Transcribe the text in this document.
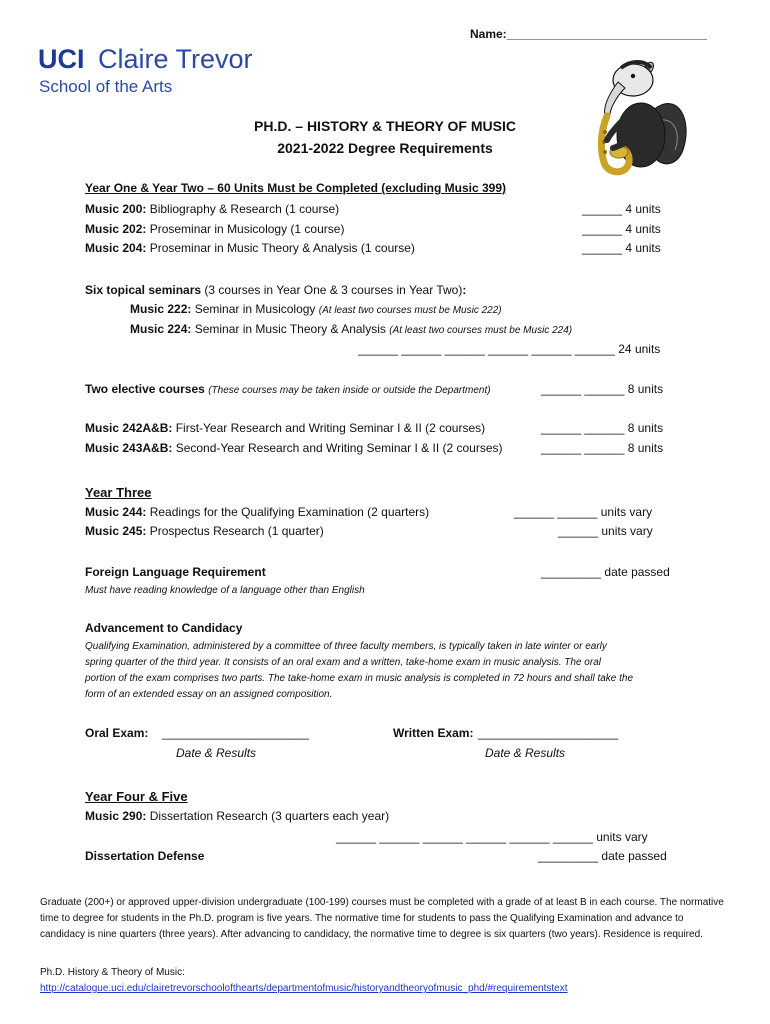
Name:______________________________
UCI Claire Trevor
School of the Arts
PH.D. – HISTORY & THEORY OF MUSIC
2021-2022 Degree Requirements
Year One & Year Two – 60 Units Must be Completed (excluding Music 399)
Music 200: Bibliography & Research (1 course)	______ 4 units
Music 202: Proseminar in Musicology (1 course)	______ 4 units
Music 204: Proseminar in Music Theory & Analysis (1 course)	______ 4 units
Six topical seminars (3 courses in Year One & 3 courses in Year Two):
Music 222: Seminar in Musicology (At least two courses must be Music 222)
Music 224: Seminar in Music Theory & Analysis (At least two courses must be Music 224)
______ ______ ______ ______ ______ ______ 24 units
Two elective courses (These courses may be taken inside or outside the Department)	______ ______ 8 units
Music 242A&B: First-Year Research and Writing Seminar I & II (2 courses)	______ ______ 8 units
Music 243A&B: Second-Year Research and Writing Seminar I & II (2 courses)	______ ______ 8 units
Year Three
Music 244: Readings for the Qualifying Examination (2 quarters)	______ ______ units vary
Music 245: Prospectus Research (1 quarter)	______ units vary
Foreign Language Requirement	_________ date passed
Must have reading knowledge of a language other than English
Advancement to Candidacy
Qualifying Examination, administered by a committee of three faculty members, is typically taken in late winter or early
spring quarter of the third year. It consists of an oral exam and a written, take-home exam in music analysis. The oral
portion of the exam comprises two parts. The take-home exam in music analysis is completed in 72 hours and shall take the
form of an extended essay on an assigned composition.
Oral Exam: ______________________
Date & Results
Written Exam: _____________________
Date & Results
Year Four & Five
Music 290: Dissertation Research (3 quarters each year)
______ ______ ______ ______ ______ ______ units vary
Dissertation Defense	_________ date passed
Graduate (200+) or approved upper-division undergraduate (100-199) courses must be completed with a grade of at least B in each course. The normative time to degree for students in the Ph.D. program is five years. The normative time for students to pass the Qualifying Examination and advance to candidacy is nine quarters (three years). After advancing to candidacy, the normative time to degree is six quarters (two years). Residence is required.
Ph.D. History & Theory of Music:
http://catalogue.uci.edu/clairetrevorschoolofthearts/departmentofmusic/historyandtheoryofmusic_phd/#requirementstext
